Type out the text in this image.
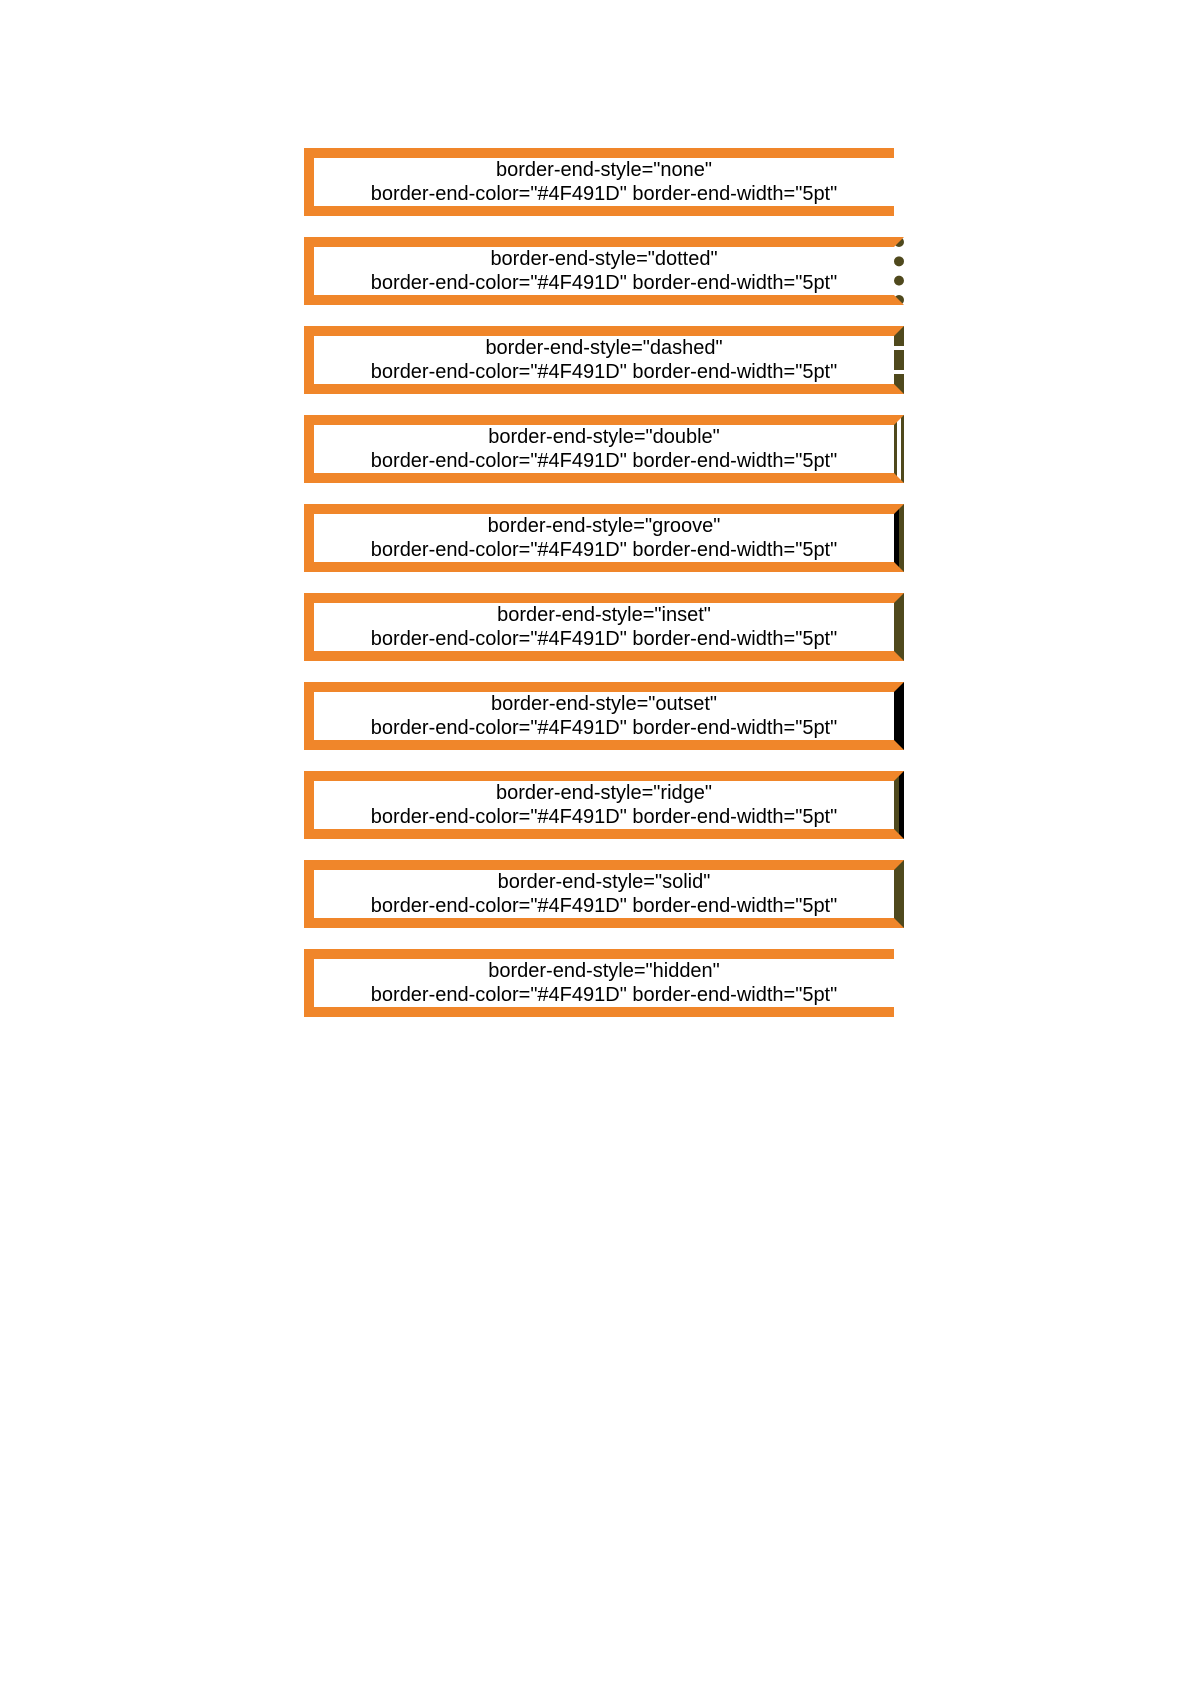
border-end-style="none"
border-end-color="#4F491D" border-end-width="5pt"
border-end-style="dotted"
border-end-color="#4F491D" border-end-width="5pt"
border-end-style="dashed"
border-end-color="#4F491D" border-end-width="5pt"
border-end-style="double"
border-end-color="#4F491D" border-end-width="5pt"
border-end-style="groove"
border-end-color="#4F491D" border-end-width="5pt"
border-end-style="inset"
border-end-color="#4F491D" border-end-width="5pt"
border-end-style="outset"
border-end-color="#4F491D" border-end-width="5pt"
border-end-style="ridge"
border-end-color="#4F491D" border-end-width="5pt"
border-end-style="solid"
border-end-color="#4F491D" border-end-width="5pt"
border-end-style="hidden"
border-end-color="#4F491D" border-end-width="5pt"
